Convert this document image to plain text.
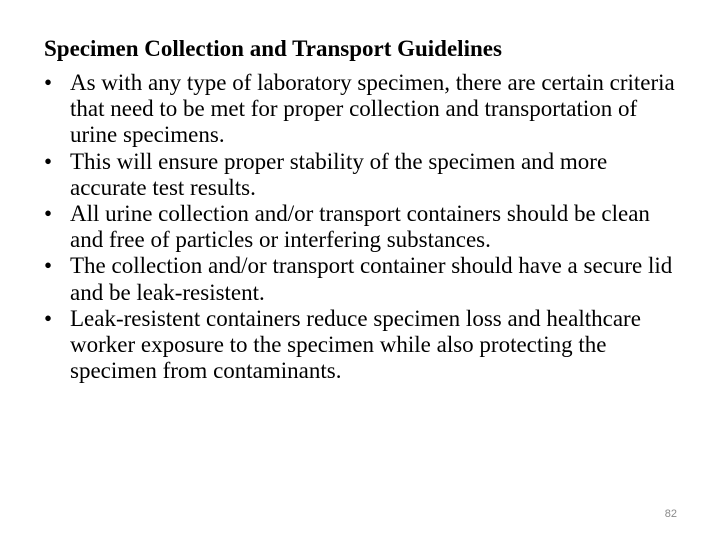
Specimen Collection and Transport Guidelines
• As with any type of laboratory specimen, there are certain criteria that need to be met for proper collection and transportation of urine specimens.
• This will ensure proper stability of the specimen and more accurate test results.
• All urine collection and/or transport containers should be clean and free of particles or interfering substances.
• The collection and/or transport container should have a secure lid and be leak-resistent.
• Leak-resistent containers reduce specimen loss and healthcare worker exposure to the specimen while also protecting the specimen from contaminants.
82
